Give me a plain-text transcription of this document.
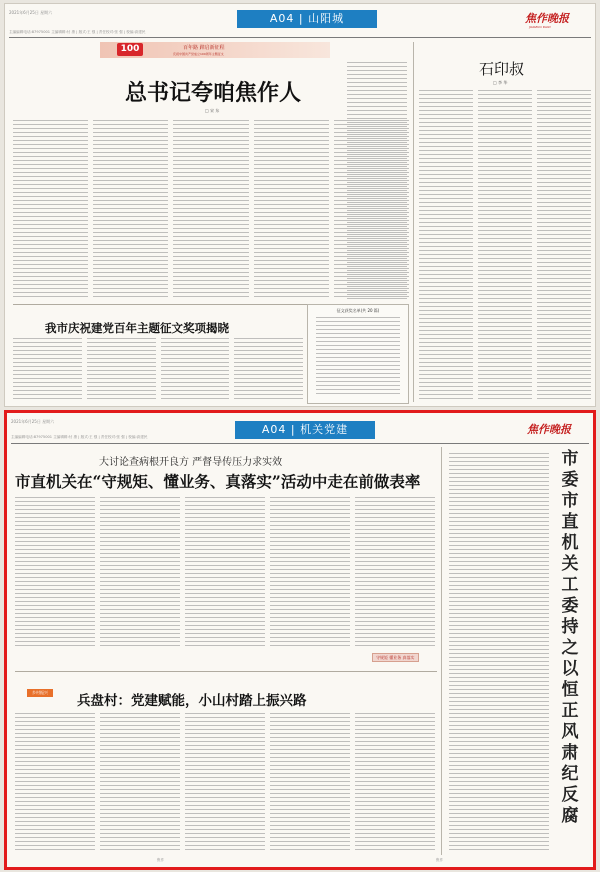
2021年6月25日 星期六	A04 | 山阳城	焦作晚报
JIAOZUO DAILY
主编编辑电话:87975001 主编辑辑:付 康 | 版式:王 强 | 责任校对:张 强 | 校编:高建民
100	百年路 踔启新征程
庆祝中国共产党成立100周年主题征文
总书记夸咱焦作人
□ 宋 东
我市庆祝建党百年主题征文奖项揭晓
征文获奖名单(共 20 篇)
石印叔
□ 李 华
2021年6月25日 星期六
A04 | 机关党建	焦作晚报
主编编辑电话:87975001 主编辑辑:付 康 | 版式:王 强 | 责任校对:张 强 | 校编:高建民
大讨论查病根开良方 严督导传压力求实效
市直机关在“守规矩、懂业务、真落实”活动中走在前做表率
守规矩 懂业务 真落实
乡村振兴
兵盘村：党建赋能，小山村踏上振兴路
市委市直机关工委持之以恒正风肃纪反腐
焦作	焦作
